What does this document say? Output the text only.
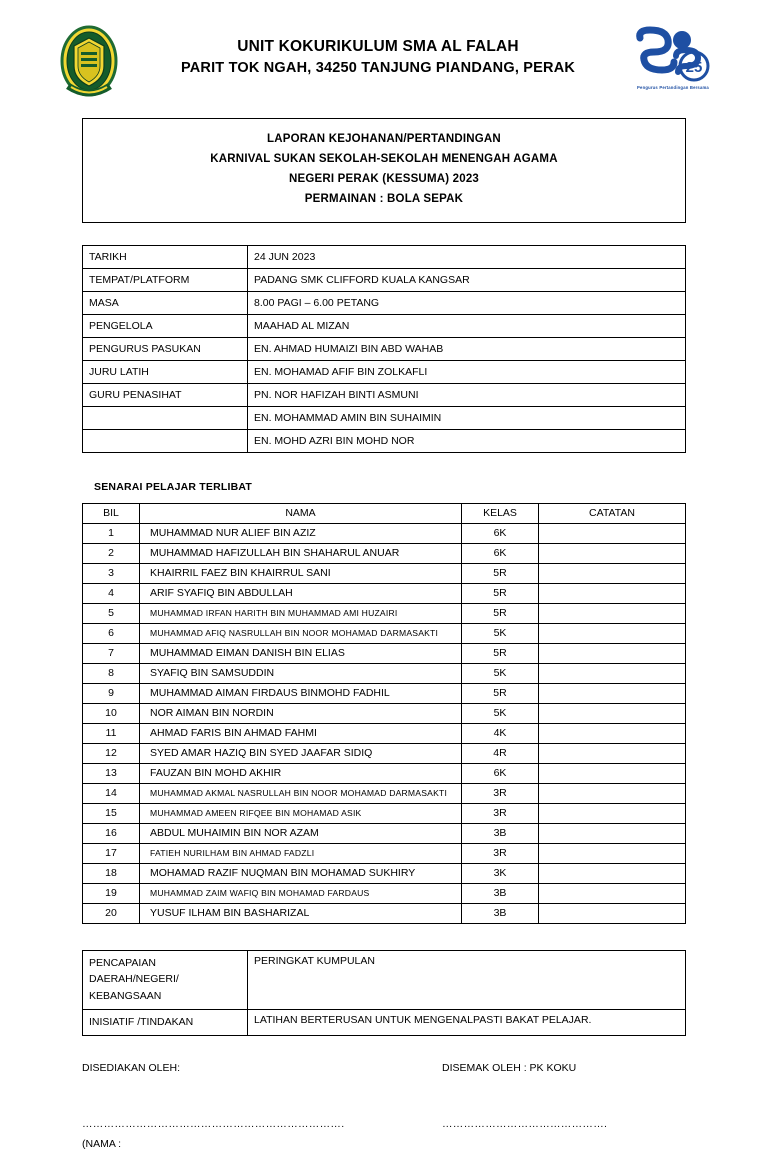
UNIT KOKURIKULUM SMA AL FALAH
PARIT TOK NGAH, 34250 TANJUNG PIANDANG, PERAK	25
Pengurus Pertandingan Bersama
LAPORAN KEJOHANAN/PERTANDINGAN
KARNIVAL SUKAN SEKOLAH-SEKOLAH MENENGAH AGAMA
NEGERI PERAK (KESSUMA) 2023
PERMAINAN : BOLA SEPAK
TARIKH	24 JUN 2023
TEMPAT/PLATFORM	PADANG SMK CLIFFORD KUALA KANGSAR
MASA	8.00 PAGI – 6.00 PETANG
PENGELOLA	MAAHAD AL MIZAN
PENGURUS PASUKAN	EN. AHMAD HUMAIZI BIN ABD WAHAB
JURU LATIH	EN. MOHAMAD AFIF BIN ZOLKAFLI
GURU PENASIHAT	PN. NOR HAFIZAH BINTI ASMUNI
	EN. MOHAMMAD AMIN BIN SUHAIMIN
	EN. MOHD AZRI BIN MOHD NOR
SENARAI PELAJAR TERLIBAT
BIL	NAMA	KELAS	CATATAN
1	MUHAMMAD NUR ALIEF BIN AZIZ	6K	
2	MUHAMMAD HAFIZULLAH BIN SHAHARUL ANUAR	6K	
3	KHAIRRIL FAEZ BIN KHAIRRUL SANI	5R	
4	ARIF SYAFIQ BIN ABDULLAH	5R	
5	MUHAMMAD IRFAN HARITH BIN MUHAMMAD AMI HUZAIRI	5R	
6	MUHAMMAD AFIQ NASRULLAH BIN NOOR MOHAMAD DARMASAKTI	5K	
7	MUHAMMAD EIMAN DANISH BIN ELIAS	5R	
8	SYAFIQ BIN SAMSUDDIN	5K	
9	MUHAMMAD AIMAN FIRDAUS BINMOHD FADHIL	5R	
10	NOR AIMAN BIN NORDIN	5K	
11	AHMAD FARIS BIN AHMAD FAHMI	4K	
12	SYED AMAR HAZIQ BIN SYED JAAFAR SIDIQ	4R	
13	FAUZAN BIN MOHD AKHIR	6K	
14	MUHAMMAD AKMAL NASRULLAH BIN NOOR MOHAMAD DARMASAKTI	3R	
15	MUHAMMAD AMEEN RIFQEE BIN MOHAMAD ASIK	3R	
16	ABDUL MUHAIMIN BIN NOR AZAM	3B	
17	FATIEH NURILHAM BIN AHMAD FADZLI	3R	
18	MOHAMAD RAZIF NUQMAN BIN MOHAMAD SUKHIRY	3K	
19	MUHAMMAD ZAIM WAFIQ BIN MOHAMAD FARDAUS	3B	
20	YUSUF ILHAM BIN BASHARIZAL	3B	
PENCAPAIAN
DAERAH/NEGERI/
KEBANGSAAN	PERINGKAT KUMPULAN
INISIATIF /TINDAKAN	LATIHAN BERTERUSAN UNTUK MENGENALPASTI BAKAT PELAJAR.
DISEDIAKAN OLEH:	DISEMAK OLEH : PK KOKU
……………………………………………………………….	……………………………………….
(NAMA :
